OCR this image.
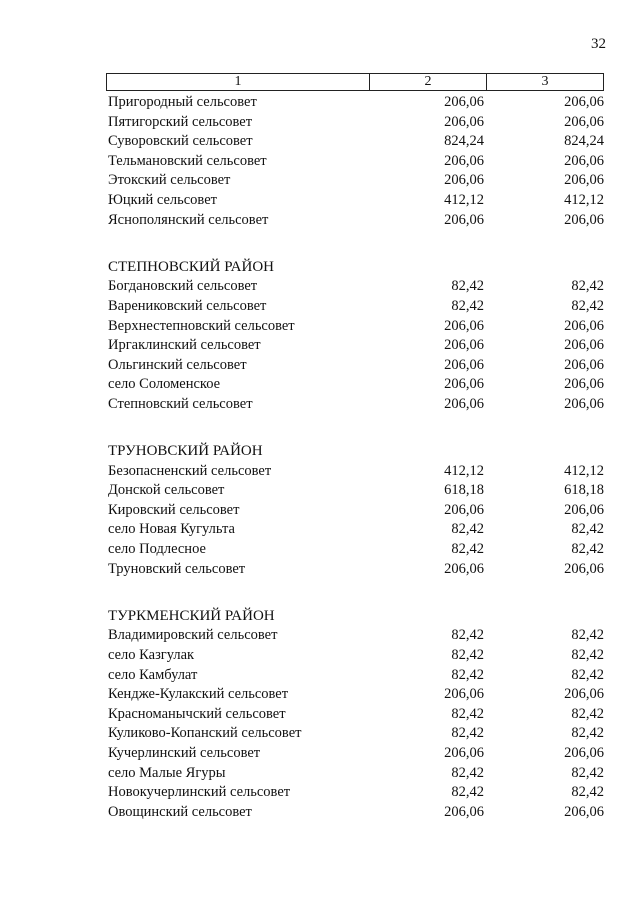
32
1	2	3
Пригородный сельсовет	206,06	206,06
Пятигорский сельсовет	206,06	206,06
Суворовский сельсовет	824,24	824,24
Тельмановский сельсовет	206,06	206,06
Этокский сельсовет	206,06	206,06
Юцкий сельсовет	412,12	412,12
Яснополянский сельсовет	206,06	206,06
СТЕПНОВСКИЙ РАЙОН
Богдановский сельсовет	82,42	82,42
Варениковский сельсовет	82,42	82,42
Верхнестепновский сельсовет	206,06	206,06
Иргаклинский сельсовет	206,06	206,06
Ольгинский сельсовет	206,06	206,06
село Соломенское	206,06	206,06
Степновский сельсовет	206,06	206,06
ТРУНОВСКИЙ РАЙОН
Безопасненский сельсовет	412,12	412,12
Донской сельсовет	618,18	618,18
Кировский сельсовет	206,06	206,06
село Новая Кугульта	82,42	82,42
село Подлесное	82,42	82,42
Труновский сельсовет	206,06	206,06
ТУРКМЕНСКИЙ РАЙОН
Владимировский сельсовет	82,42	82,42
село Казгулак	82,42	82,42
село Камбулат	82,42	82,42
Кендже-Кулакский сельсовет	206,06	206,06
Красноманычский сельсовет	82,42	82,42
Куликово-Копанский сельсовет	82,42	82,42
Кучерлинский сельсовет	206,06	206,06
село Малые Ягуры	82,42	82,42
Новокучерлинский сельсовет	82,42	82,42
Овощинский сельсовет	206,06	206,06
